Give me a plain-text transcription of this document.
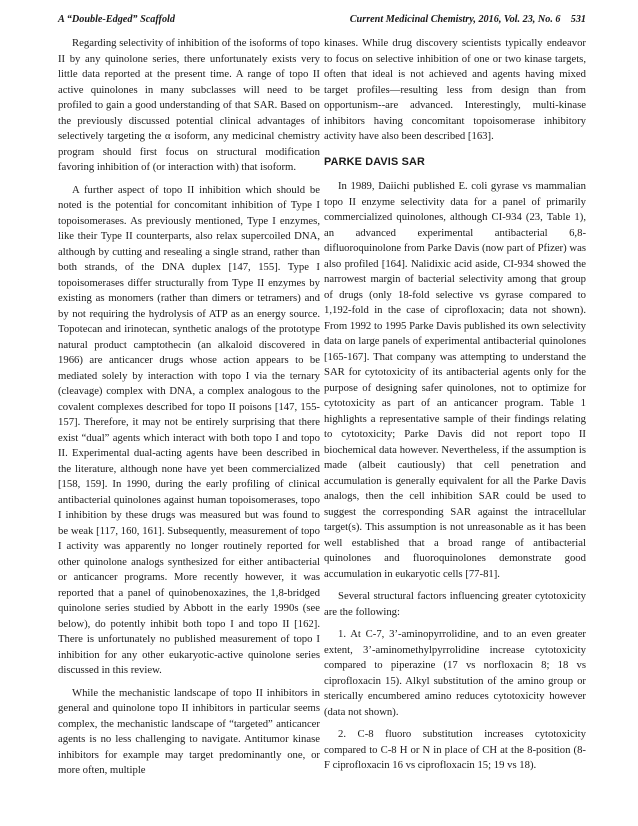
A “Double-Edged” Scaffold	Current Medicinal Chemistry, 2016, Vol. 23, No. 6 531

Regarding selectivity of inhibition of the isoforms of topo II by any quinolone series, there unfortunately exists very little data reported at the present time. A range of topo II active quinolones in many subclasses will need to be profiled to gain a good understanding of that SAR. Based on the previously discussed potential clinical advantages of selectively targeting the α isoform, any medicinal chemistry program should first focus on structural modification favoring inhibition of (or interaction with) that isoform.

A further aspect of topo II inhibition which should be noted is the potential for concomitant inhibition of Type I topoisomerases. As previously mentioned, Type I enzymes, like their Type II counterparts, also relax supercoiled DNA, although by cutting and resealing a single strand, rather than both strands, of the DNA duplex [147, 155]. Type I topoisomerases differ structurally from Type II enzymes by existing as monomers (rather than dimers or tetramers) and by not requiring the hydrolysis of ATP as an energy source. Topotecan and irinotecan, synthetic analogs of the prototype natural product camptothecin (an alkaloid discovered in 1966) are anticancer drugs whose action appears to be mediated solely by interaction with topo I via the ternary (cleavage) complex with DNA, a complex analogous to the covalent complexes described for topo II poisons [147, 155-157]. Therefore, it may not be entirely surprising that there exist “dual” agents which interact with both topo I and topo II. Experimental dual-acting agents have been described in the literature, although none have yet been commercialized [158, 159]. In 1990, during the early profiling of clinical antibacterial quinolones against human topoisomerases, topo I inhibition by these drugs was measured but was found to be weak [117, 160, 161]. Subsequently, measurement of topo I activity was apparently no longer routinely reported for other quinolone analogs synthesized for either antibacterial or anticancer programs. More recently however, it was reported that a panel of quinobenoxazines, the 1,8-bridged quinolone series studied by Abbott in the early 1990s (see below), do potently inhibit both topo I and topo II [162]. There is unfortunately no published measurement of topo I inhibition for any other eukaryotic-active quinolone series discussed in this review.

While the mechanistic landscape of topo II inhibitors in general and quinolone topo II inhibitors in particular seems complex, the mechanistic landscape of “targeted” anticancer agents is no less challenging to navigate. Antitumor kinase inhibitors for example may target predominantly one, or more often, multiple

kinases. While drug discovery scientists typically endeavor to focus on selective inhibition of one or two kinase targets, often that ideal is not achieved and agents having mixed target profiles—resulting less from design than from opportunism--are advanced. Interestingly, multi-kinase inhibitors having concomitant topoisomerase inhibitory activity have also been described [163].

PARKE DAVIS SAR

In 1989, Daiichi published E. coli gyrase vs mammalian topo II enzyme selectivity data for a panel of primarily commercialized quinolones, although CI-934 (23, Table 1), an advanced experimental antibacterial 6,8-difluoroquinolone from Parke Davis (now part of Pfizer) was also profiled [164]. Nalidixic acid aside, CI-934 showed the narrowest margin of bacterial selectivity among that group of drugs (only 18-fold selective vs gyrase compared to 1,192-fold in the case of ciprofloxacin; data not shown). From 1992 to 1995 Parke Davis published its own selectivity data on large panels of experimental antibacterial quinolones [165-167]. That company was attempting to understand the SAR for cytotoxicity of its antibacterial agents only for the purpose of designing safer quinolones, not to optimize for cytotoxicity as part of an anticancer program. Table 1 highlights a representative sample of their findings relating to cytotoxicity; Parke Davis did not report topo II biochemical data however. Nevertheless, if the assumption is made (albeit cautiously) that cell penetration and accumulation is generally equivalent for all the Parke Davis analogs, then the cell inhibition SAR could be used to suggest the corresponding SAR against the intracellular target(s). This assumption is not unreasonable as it has been well established that a broad range of antibacterial quinolones and fluoroquinolones demonstrate good accumulation in eukaryotic cells [77-81].

Several structural factors influencing greater cytotoxicity are the following:

1. At C-7, 3’-aminopyrrolidine, and to an even greater extent, 3’-aminomethylpyrrolidine increase cytotoxicity compared to piperazine (17 vs norfloxacin 8; 18 vs ciprofloxacin 15). Alkyl substitution of the amino group or sterically encumbered amino reduces cytotoxicity however (data not shown).

2. C-8 fluoro substitution increases cytotoxicity compared to C-8 H or N in place of CH at the 8-position (8-F ciprofloxacin 16 vs ciprofloxacin 15; 19 vs 18).
